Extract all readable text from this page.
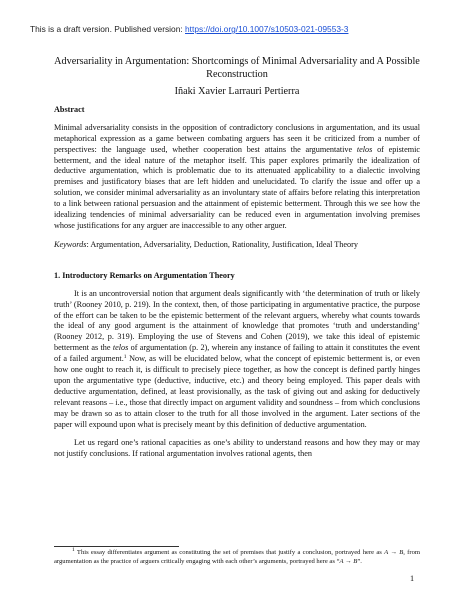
This is a draft version. Published version: https://doi.org/10.1007/s10503-021-09553-3
Adversariality in Argumentation: Shortcomings of Minimal Adversariality and A Possible Reconstruction
Iñaki Xavier Larrauri Pertierra
Abstract

Minimal adversariality consists in the opposition of contradictory conclusions in argumentation, and its usual metaphorical expression as a game between combating arguers has seen it be criticized from a number of perspectives: the language used, whether cooperation best attains the argumentative telos of epistemic betterment, and the ideal nature of the metaphor itself. This paper explores primarily the idealization of deductive argumentation, which is problematic due to its attenuated applicability to a dialectic involving premises and justificatory biases that are left hidden and unelucidated. To clarify the issue and offer up a solution, we consider minimal adversariality as an involuntary state of affairs before relating this interpretation to a link between rational persuasion and the attainment of epistemic betterment. Through this we see how the idealizing tendencies of minimal adversariality can be reduced even in argumentation involving premises whose justifications for any arguer are inaccessible to any other arguer.

Keywords: Argumentation, Adversariality, Deduction, Rationality, Justification, Ideal Theory

1. Introductory Remarks on Argumentation Theory

It is an uncontroversial notion that argument deals significantly with ‘the determination of truth or likely truth’ (Rooney 2010, p. 219). In the context, then, of those participating in argumentative practice, the purpose of the effort can be taken to be the epistemic betterment of the relevant arguers, whereby what counts towards the ideal of any good argument is the attainment of knowledge that promotes ‘truth and understanding’ (Rooney 2012, p. 319). Employing the use of Stevens and Cohen (2019), we take this ideal of epistemic betterment as the telos of argumentation (p. 2), wherein any instance of failing to attain it constitutes the event of a failed argument.$^1$ Now, as will be elucidated below, what the concept of epistemic betterment is, or even how one ought to reach it, is difficult to precisely piece together, as how the concept is defined partly hinges upon the argumentative type (deductive, inductive, etc.) and theory being employed. This paper deals with deductive argumentation, defined, at least provisionally, as the task of giving out and asking for deductively relevant reasons – i.e., those that directly impact on argument validity and soundness – from which conclusions may be drawn so as to attain closer to the truth for all those involved in the argument. Later sections of the paper will expound upon what is precisely meant by this definition of deductive argumentation.

Let us regard one’s rational capacities as one’s ability to understand reasons and how they may or may not justify conclusions. If rational argumentation involves rational agents, then

$^1$ This essay differentiates argument as constituting the set of premises that justify a conclusion, portrayed here as A → B, from argumentation as the practice of arguers critically engaging with each other’s arguments, portrayed here as “A → B”.
1
